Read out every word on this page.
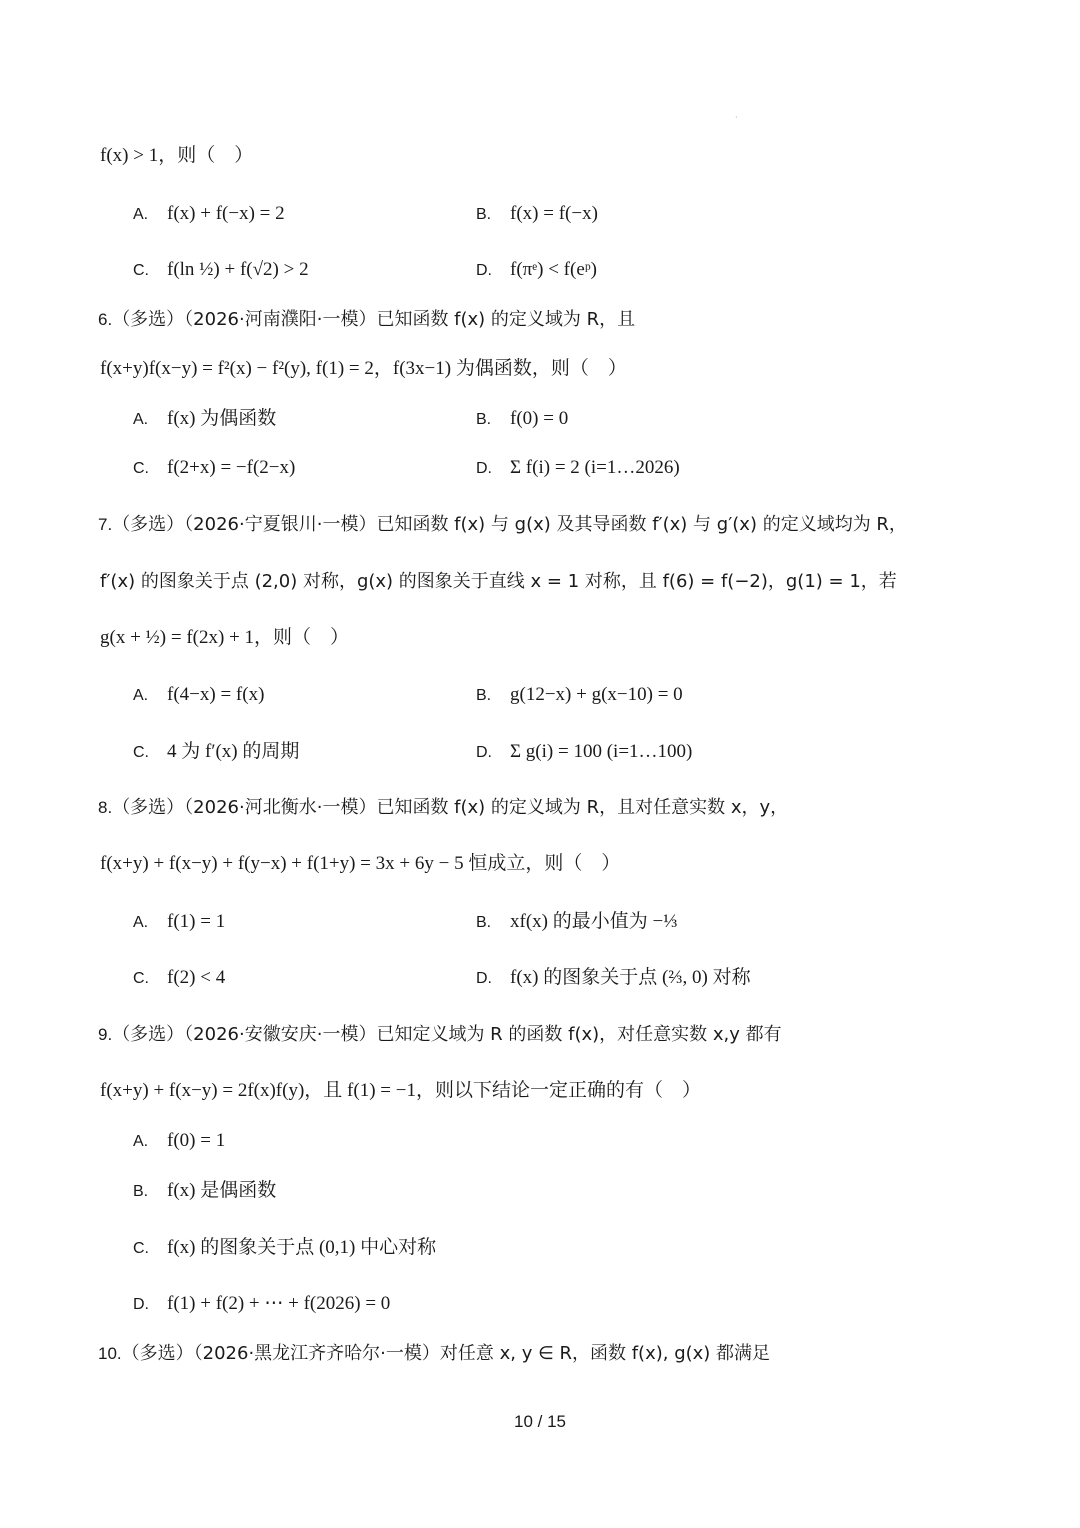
·
f(x) > 1，则（　）
A. f(x) + f(−x) = 2	B. f(x) = f(−x)
C. f(ln ½) + f(√2) > 2	D. f(πᵉ) < f(eᵖ)
6.（多选）（2026·河南濮阳·一模）已知函数 f(x) 的定义域为 R，且
f(x+y)f(x−y) = f²(x) − f²(y), f(1) = 2，f(3x−1) 为偶函数，则（　）
A. f(x) 为偶函数	B. f(0) = 0
C. f(2+x) = −f(2−x)	D. Σ f(i) = 2 (i=1…2026)
7.（多选）（2026·宁夏银川·一模）已知函数 f(x) 与 g(x) 及其导函数 f′(x) 与 g′(x) 的定义域均为 R，
f′(x) 的图象关于点 (2,0) 对称，g(x) 的图象关于直线 x = 1 对称，且 f(6) = f(−2)，g(1) = 1，若
g(x + ½) = f(2x) + 1，则（　）
A. f(4−x) = f(x)	B. g(12−x) + g(x−10) = 0
C. 4 为 f′(x) 的周期	D. Σ g(i) = 100 (i=1…100)
8.（多选）（2026·河北衡水·一模）已知函数 f(x) 的定义域为 R，且对任意实数 x，y，
f(x+y) + f(x−y) + f(y−x) + f(1+y) = 3x + 6y − 5 恒成立，则（　）
A. f(1) = 1	B. xf(x) 的最小值为 −⅓
C. f(2) < 4	D. f(x) 的图象关于点 (⅔, 0) 对称
9.（多选）（2026·安徽安庆·一模）已知定义域为 R 的函数 f(x)，对任意实数 x,y 都有
f(x+y) + f(x−y) = 2f(x)f(y)，且 f(1) = −1，则以下结论一定正确的有（　）
A. f(0) = 1
B. f(x) 是偶函数
C. f(x) 的图象关于点 (0,1) 中心对称
D. f(1) + f(2) + ⋯ + f(2026) = 0
10.（多选）（2026·黑龙江齐齐哈尔·一模）对任意 x, y ∈ R，函数 f(x), g(x) 都满足
10 / 15
